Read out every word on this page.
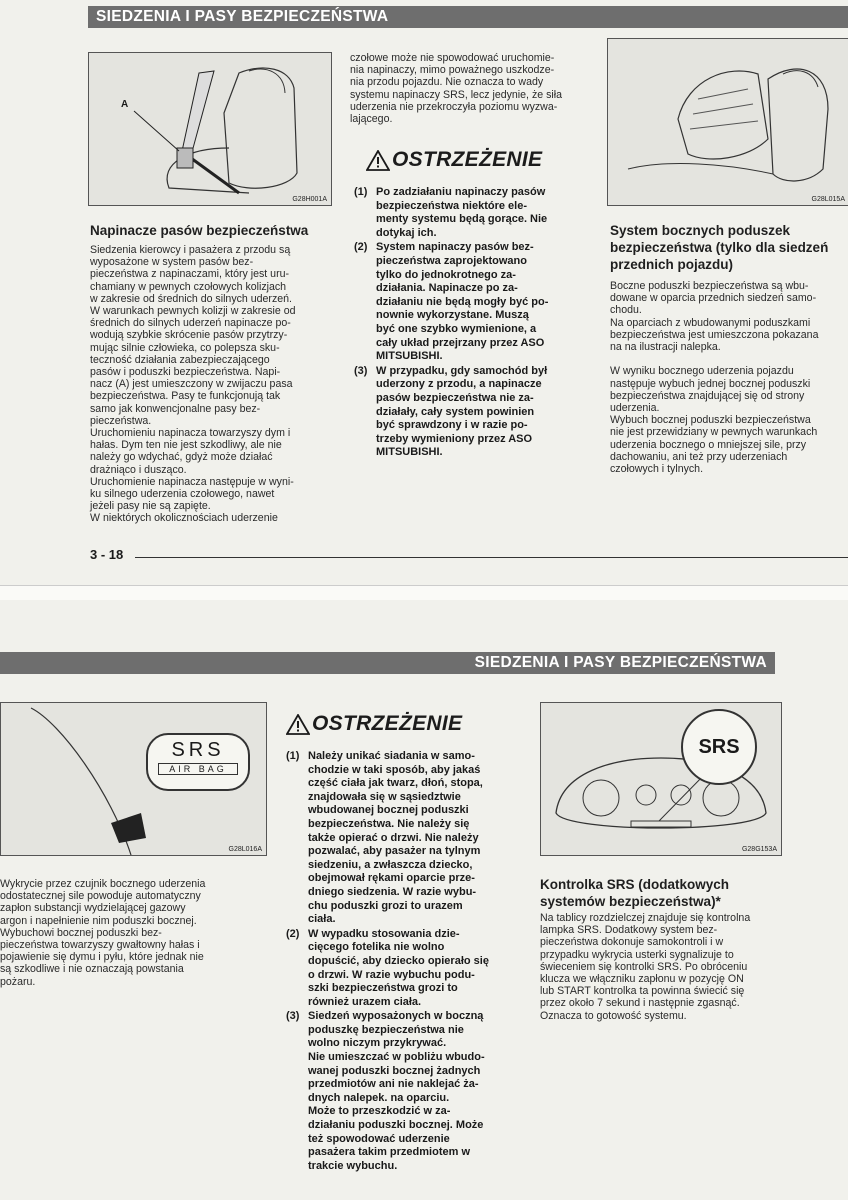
SIEDZENIA I PASY BEZPIECZEŃSTWA
A
G28H001A
Napinacze pasów bezpieczeństwa
Siedzenia kierowcy i pasażera z przodu są
wyposażone w system pasów bez-
pieczeństwa z napinaczami, który jest uru-
chamiany w pewnych czołowych kolizjach
w zakresie od średnich do silnych uderzeń.
W warunkach pewnych kolizji w zakresie od
średnich do silnych uderzeń napinacze po-
wodują szybkie skrócenie pasów przytrzy-
mując silnie człowieka, co polepsza sku-
teczność działania zabezpieczającego
pasów i poduszki bezpieczeństwa. Napi-
nacz (A) jest umieszczony w zwijaczu pasa
bezpieczeństwa. Pasy te funkcjonują tak
samo jak konwencjonalne pasy bez-
pieczeństwa.
Uruchomieniu napinacza towarzyszy dym i
hałas. Dym ten nie jest szkodliwy, ale nie
należy go wdychać, gdyż może działać
drażniąco i dusząco.
Uruchomienie napinacza następuje w wyni-
ku silnego uderzenia czołowego, nawet
jeżeli pasy nie są zapięte.
W niektórych okolicznościach uderzenie
czołowe może nie spowodować uruchomie-
nia napinaczy, mimo poważnego uszkodze-
nia przodu pojazdu. Nie oznacza to wady
systemu napinaczy SRS, lecz jedynie, że siła
uderzenia nie przekroczyła poziomu wyzwa-
lającego.
OSTRZEŻENIE
(1) Po zadziałaniu napinaczy pasów
bezpieczeństwa niektóre ele-
menty systemu będą gorące. Nie
dotykaj ich.
(2) System napinaczy pasów bez-
pieczeństwa zaprojektowano
tylko do jednokrotnego za-
działania. Napinacze po za-
działaniu nie będą mogły być po-
nownie wykorzystane. Muszą
być one szybko wymienione, a
cały układ przejrzany przez ASO
MITSUBISHI.
(3) W przypadku, gdy samochód był
uderzony z przodu, a napinacze
pasów bezpieczeństwa nie za-
działały, cały system powinien
być sprawdzony i w razie po-
trzeby wymieniony przez ASO
MITSUBISHI.
G28L015A
System bocznych poduszek
bezpieczeństwa (tylko dla siedzeń
przednich pojazdu)
Boczne poduszki bezpieczeństwa są wbu-
dowane w oparcia przednich siedzeń samo-
chodu.
Na oparciach z wbudowanymi poduszkami
bezpieczeństwa jest umieszczona pokazana
na na ilustracji nalepka.

W wyniku bocznego uderzenia pojazdu
następuje wybuch jednej bocznej poduszki
bezpieczeństwa znajdującej się od strony
uderzenia.
Wybuch bocznej poduszki bezpieczeństwa
nie jest przewidziany w pewnych warunkach
uderzenia bocznego o mniejszej sile, przy
dachowaniu, ani też przy uderzeniach
czołowych i tylnych.
3 - 18
SIEDZENIA I PASY BEZPIECZEŃSTWA
SRS
AIR BAG
G28L016A
Wykrycie przez czujnik bocznego uderzenia
odostatecznej sile powoduje automatyczny
zapłon substancji wydzielającej gazowy
argon i napełnienie nim poduszki bocznej.
Wybuchowi bocznej poduszki bez-
pieczeństwa towarzyszy gwałtowny hałas i
pojawienie się dymu i pyłu, które jednak nie
są szkodliwe i nie oznaczają powstania
pożaru.
OSTRZEŻENIE
(1) Należy unikać siadania w samo-
chodzie w taki sposób, aby jakaś
część ciała jak twarz, dłoń, stopa,
znajdowała się w sąsiedztwie
wbudowanej bocznej poduszki
bezpieczeństwa. Nie należy się
także opierać o drzwi. Nie należy
pozwalać, aby pasażer na tylnym
siedzeniu, a zwłaszcza dziecko,
obejmował rękami oparcie prze-
dniego siedzenia. W razie wybu-
chu poduszki grozi to urazem
ciała.
(2) W wypadku stosowania dzie-
cięcego fotelika nie wolno
dopuścić, aby dziecko opierało się
o drzwi. W razie wybuchu podu-
szki bezpieczeństwa grozi to
również urazem ciała.
(3) Siedzeń wyposażonych w boczną
poduszkę bezpieczeństwa nie
wolno niczym przykrywać.
Nie umieszczać w pobliżu wbudo-
wanej poduszki bocznej żadnych
przedmiotów ani nie naklejać ża-
dnych nalepek. na oparciu.
Może to przeszkodzić w za-
działaniu poduszki bocznej. Może
też spowodować uderzenie
pasażera takim przedmiotem w
trakcie wybuchu.
SRS
G28G153A
Kontrolka SRS (dodatkowych
systemów bezpieczeństwa)*
Na tablicy rozdzielczej znajduje się kontrolna
lampka SRS. Dodatkowy system bez-
pieczeństwa dokonuje samokontroli i w
przypadku wykrycia usterki sygnalizuje to
świeceniem się kontrolki SRS. Po obróceniu
klucza we włączniku zapłonu w pozycję ON
lub START kontrolka ta powinna świecić się
przez około 7 sekund i następnie zgasnąć.
Oznacza to gotowość systemu.
